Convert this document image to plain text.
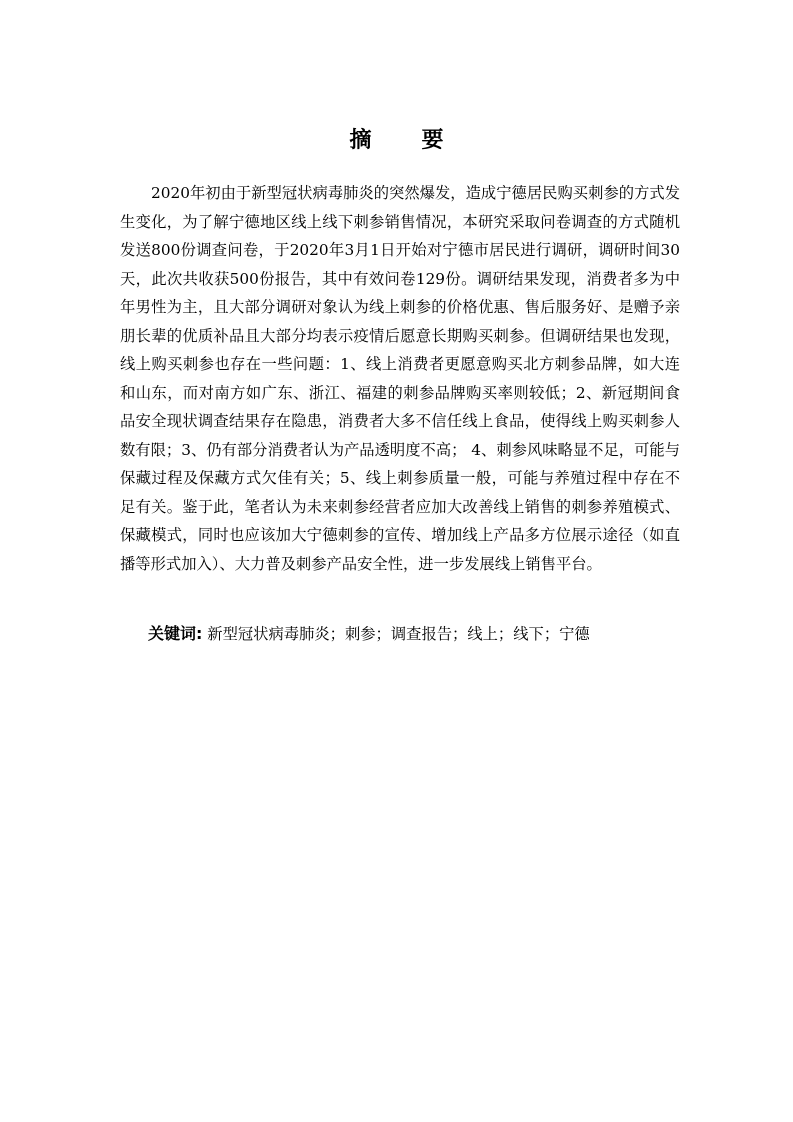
摘 要

2020年初由于新型冠状病毒肺炎的突然爆发，造成宁德居民购买刺参的方式发生变化，为了解宁德地区线上线下刺参销售情况，本研究采取问卷调查的方式随机发送800份调查问卷，于2020年3月1日开始对宁德市居民进行调研，调研时间30天，此次共收获500份报告，其中有效问卷129份。调研结果发现，消费者多为中年男性为主，且大部分调研对象认为线上刺参的价格优惠、售后服务好、是赠予亲朋长辈的优质补品且大部分均表示疫情后愿意长期购买刺参。但调研结果也发现，线上购买刺参也存在一些问题：1、线上消费者更愿意购买北方刺参品牌，如大连和山东，而对南方如广东、浙江、福建的刺参品牌购买率则较低；2、新冠期间食品安全现状调查结果存在隐患，消费者大多不信任线上食品，使得线上购买刺参人数有限；3、仍有部分消费者认为产品透明度不高； 4、刺参风味略显不足，可能与保藏过程及保藏方式欠佳有关；5、线上刺参质量一般，可能与养殖过程中存在不足有关。鉴于此，笔者认为未来刺参经营者应加大改善线上销售的刺参养殖模式、保藏模式，同时也应该加大宁德刺参的宣传、增加线上产品多方位展示途径（如直播等形式加入）、大力普及刺参产品安全性，进一步发展线上销售平台。

关键词: 新型冠状病毒肺炎；刺参；调查报告；线上；线下；宁德
